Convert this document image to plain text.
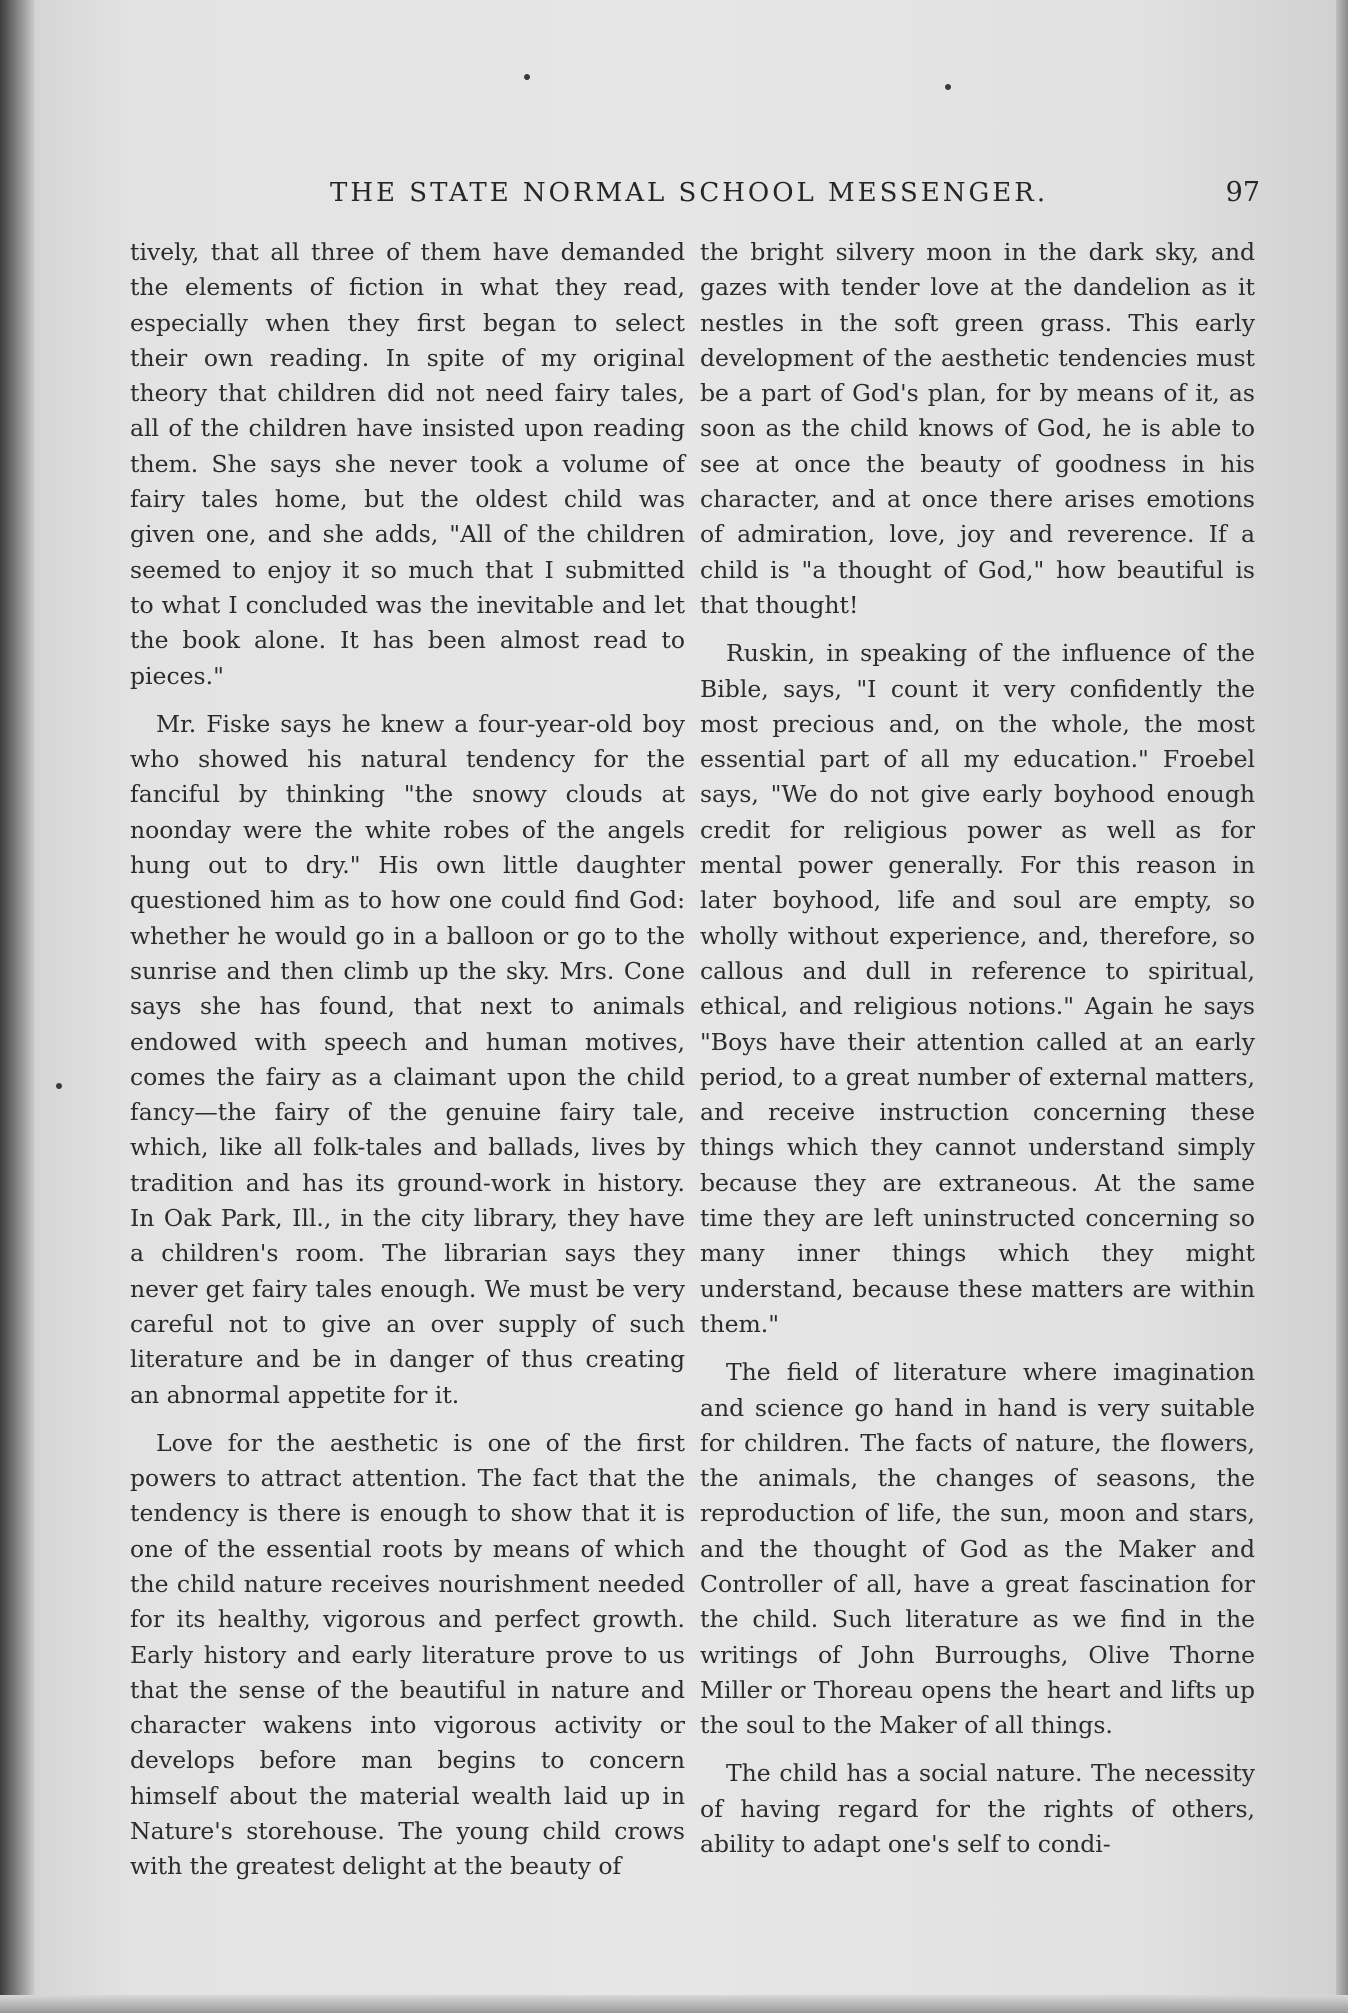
THE STATE NORMAL SCHOOL MESSENGER.	97

tively, that all three of them have demanded the elements of fiction in what they read, especially when they first began to select their own reading. In spite of my original theory that children did not need fairy tales, all of the children have insisted upon reading them. She says she never took a volume of fairy tales home, but the oldest child was given one, and she adds, "All of the children seemed to enjoy it so much that I submitted to what I concluded was the inevitable and let the book alone. It has been almost read to pieces."

Mr. Fiske says he knew a four-year-old boy who showed his natural tendency for the fanciful by thinking "the snowy clouds at noonday were the white robes of the angels hung out to dry." His own little daughter questioned him as to how one could find God: whether he would go in a balloon or go to the sunrise and then climb up the sky. Mrs. Cone says she has found, that next to animals endowed with speech and human motives, comes the fairy as a claimant upon the child fancy—the fairy of the genuine fairy tale, which, like all folk-tales and ballads, lives by tradition and has its ground-work in history. In Oak Park, Ill., in the city library, they have a children's room. The librarian says they never get fairy tales enough. We must be very careful not to give an over supply of such literature and be in danger of thus creating an abnormal appetite for it.

Love for the aesthetic is one of the first powers to attract attention. The fact that the tendency is there is enough to show that it is one of the essential roots by means of which the child nature receives nourishment needed for its healthy, vigorous and perfect growth. Early history and early literature prove to us that the sense of the beautiful in nature and character wakens into vigorous activity or develops before man begins to concern himself about the material wealth laid up in Nature's storehouse. The young child crows with the greatest delight at the beauty of

the bright silvery moon in the dark sky, and gazes with tender love at the dandelion as it nestles in the soft green grass. This early development of the aesthetic tendencies must be a part of God's plan, for by means of it, as soon as the child knows of God, he is able to see at once the beauty of goodness in his character, and at once there arises emotions of admiration, love, joy and reverence. If a child is "a thought of God," how beautiful is that thought!

Ruskin, in speaking of the influence of the Bible, says, "I count it very confidently the most precious and, on the whole, the most essential part of all my education." Froebel says, "We do not give early boyhood enough credit for religious power as well as for mental power generally. For this reason in later boyhood, life and soul are empty, so wholly without experience, and, therefore, so callous and dull in reference to spiritual, ethical, and religious notions." Again he says "Boys have their attention called at an early period, to a great number of external matters, and receive instruction concerning these things which they cannot understand simply because they are extraneous. At the same time they are left uninstructed concerning so many inner things which they might understand, because these matters are within them."

The field of literature where imagination and science go hand in hand is very suitable for children. The facts of nature, the flowers, the animals, the changes of seasons, the reproduction of life, the sun, moon and stars, and the thought of God as the Maker and Controller of all, have a great fascination for the child. Such literature as we find in the writings of John Burroughs, Olive Thorne Miller or Thoreau opens the heart and lifts up the soul to the Maker of all things.

The child has a social nature. The necessity of having regard for the rights of others, ability to adapt one's self to condi-
